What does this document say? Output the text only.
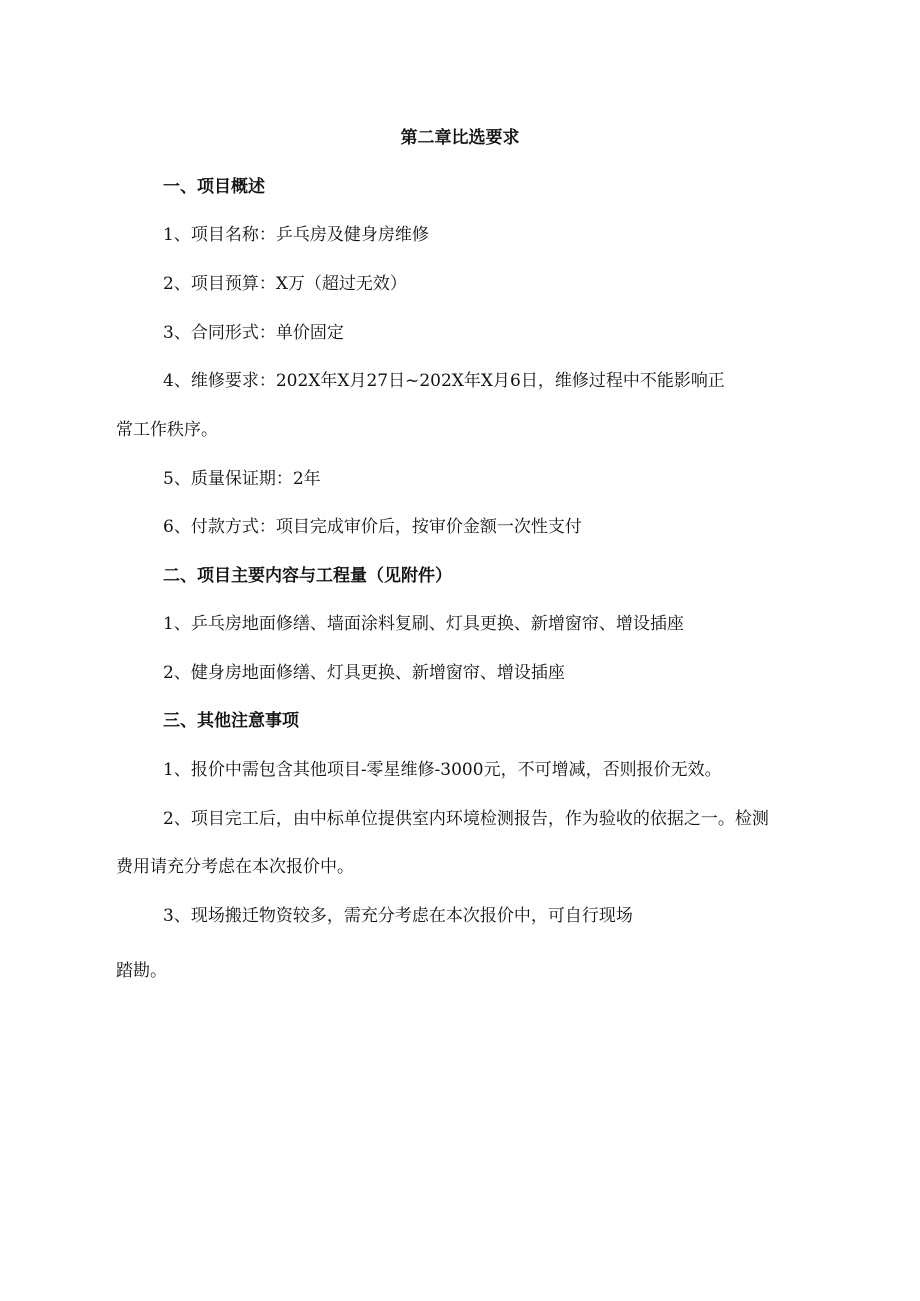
第二章比选要求
一、项目概述
1、项目名称：乒乓房及健身房维修
2、项目预算：X万（超过无效）
3、合同形式：单价固定
4、维修要求：202X年X月27日~202X年X月6日，维修过程中不能影响正
常工作秩序。
5、质量保证期：2年
6、付款方式：项目完成审价后，按审价金额一次性支付
二、项目主要内容与工程量（见附件）
1、乒乓房地面修缮、墙面涂料复刷、灯具更换、新增窗帘、增设插座
2、健身房地面修缮、灯具更换、新增窗帘、增设插座
三、其他注意事项
1、报价中需包含其他项目-零星维修-3000元，不可增减，否则报价无效。
2、项目完工后，由中标单位提供室内环境检测报告，作为验收的依据之一。检测
费用请充分考虑在本次报价中。
3、现场搬迁物资较多，需充分考虑在本次报价中，可自行现场
踏勘。
